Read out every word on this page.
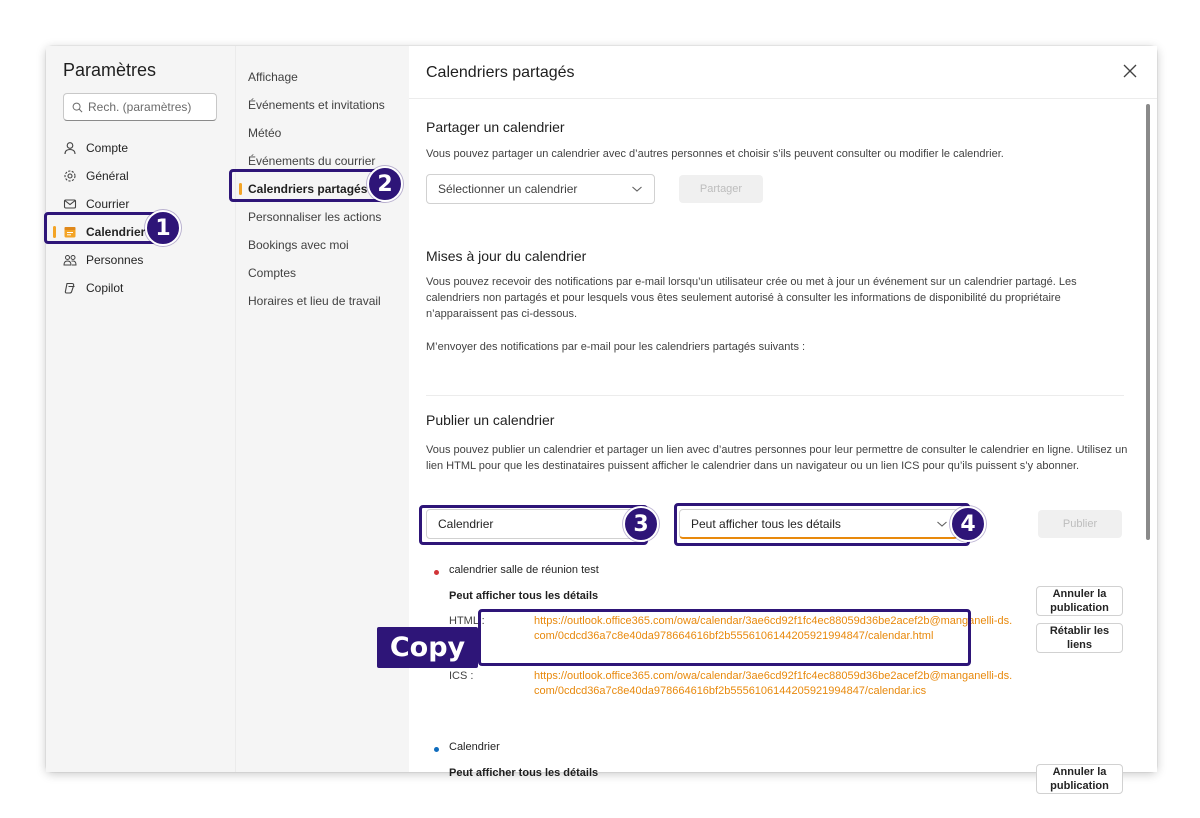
Paramètres
Rech. (paramètres)
Compte
Général
Courrier
Calendrier
Personnes
Copilot
Affichage
Événements et invitations
Météo
Événements du courrier
Calendriers partagés
Personnaliser les actions
Bookings avec moi
Comptes
Horaires et lieu de travail
Calendriers partagés
Partager un calendrier
Vous pouvez partager un calendrier avec d’autres personnes et choisir s’ils peuvent consulter ou modifier le calendrier.
Sélectionner un calendrier	Partager
Mises à jour du calendrier
Vous pouvez recevoir des notifications par e-mail lorsqu’un utilisateur crée ou met à jour un événement sur un calendrier partagé. Les calendriers non partagés et pour lesquels vous êtes seulement autorisé à consulter les informations de disponibilité du propriétaire n’apparaissent pas ci-dessous.
M’envoyer des notifications par e-mail pour les calendriers partagés suivants :
Publier un calendrier
Vous pouvez publier un calendrier et partager un lien avec d’autres personnes pour leur permettre de consulter le calendrier en ligne. Utilisez un lien HTML pour que les destinataires puissent afficher le calendrier dans un navigateur ou un lien ICS pour qu’ils puissent s’y abonner.
Calendrier	Peut afficher tous les détails	Publier
calendrier salle de réunion test
Peut afficher tous les détails	Annuler la publication
HTML :	https://outlook.office365.com/owa/calendar/3ae6cd92f1fc4ec88059d36be2acef2b@manganelli-ds.com/0cdcd36a7c8e40da978664616bf2b5556106144205921994847/calendar.html	Rétablir les liens
ICS :	https://outlook.office365.com/owa/calendar/3ae6cd92f1fc4ec88059d36be2acef2b@manganelli-ds.com/0cdcd36a7c8e40da978664616bf2b5556106144205921994847/calendar.ics
Calendrier
Peut afficher tous les détails	Annuler la publication
1
2
3	4
Copy
